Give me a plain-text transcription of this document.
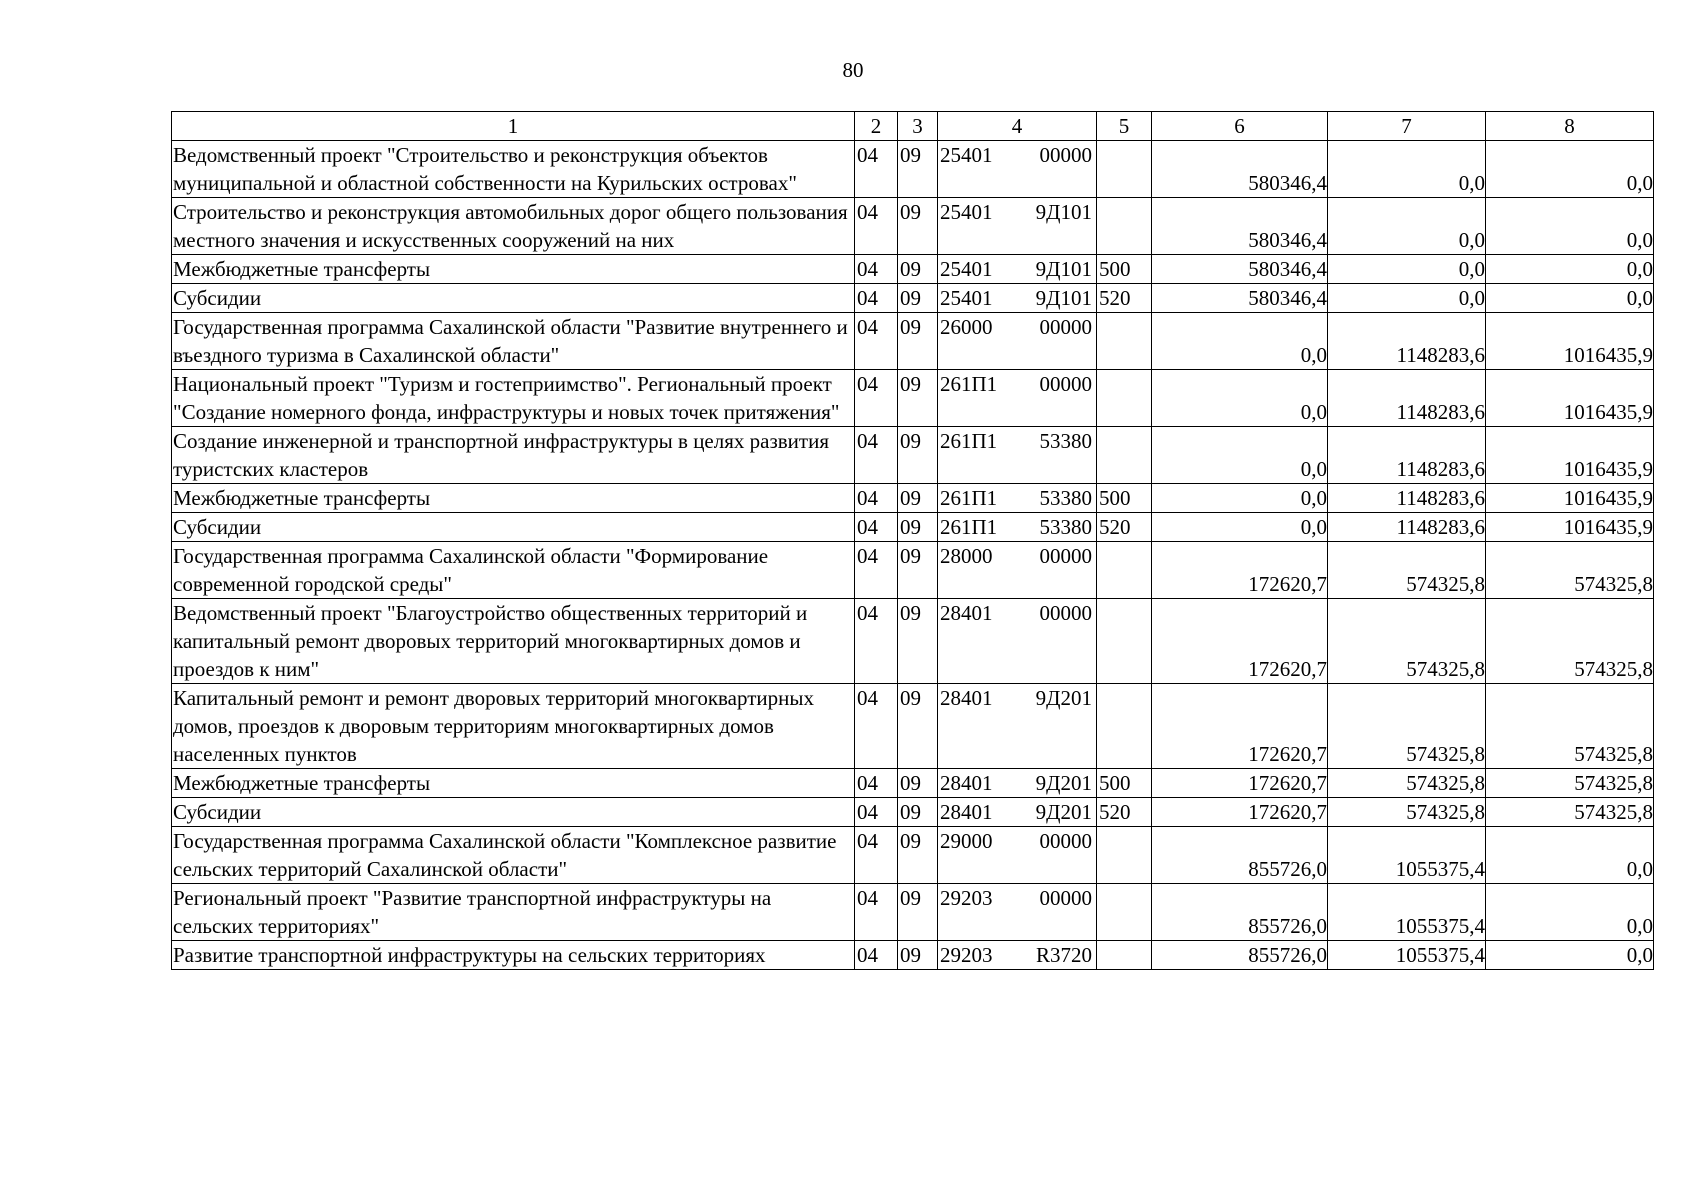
80
1	2	3	4	5	6	7	8
Ведомственный проект "Строительство и реконструкция объектов муниципальной и областной собственности на Курильских островах"	04	09	25401 00000		580346,4	0,0	0,0
Строительство и реконструкция автомобильных дорог общего пользования местного значения и искусственных сооружений на них	04	09	25401 9Д101		580346,4	0,0	0,0
Межбюджетные трансферты	04	09	25401 9Д101	500	580346,4	0,0	0,0
Субсидии	04	09	25401 9Д101	520	580346,4	0,0	0,0
Государственная программа Сахалинской области "Развитие внутреннего и въездного туризма в Сахалинской области"	04	09	26000 00000		0,0	1148283,6	1016435,9
Национальный проект "Туризм и гостеприимство". Региональный проект "Создание номерного фонда, инфраструктуры и новых точек притяжения"	04	09	261П1 00000		0,0	1148283,6	1016435,9
Создание инженерной и транспортной инфраструктуры в целях развития туристских кластеров	04	09	261П1 53380		0,0	1148283,6	1016435,9
Межбюджетные трансферты	04	09	261П1 53380	500	0,0	1148283,6	1016435,9
Субсидии	04	09	261П1 53380	520	0,0	1148283,6	1016435,9
Государственная программа Сахалинской области "Формирование современной городской среды"	04	09	28000 00000		172620,7	574325,8	574325,8
Ведомственный проект "Благоустройство общественных территорий и капитальный ремонт дворовых территорий многоквартирных домов и проездов к ним"	04	09	28401 00000		172620,7	574325,8	574325,8
Капитальный ремонт и ремонт дворовых территорий многоквартирных домов, проездов к дворовым территориям многоквартирных домов населенных пунктов	04	09	28401 9Д201		172620,7	574325,8	574325,8
Межбюджетные трансферты	04	09	28401 9Д201	500	172620,7	574325,8	574325,8
Субсидии	04	09	28401 9Д201	520	172620,7	574325,8	574325,8
Государственная программа Сахалинской области "Комплексное развитие сельских территорий Сахалинской области"	04	09	29000 00000		855726,0	1055375,4	0,0
Региональный проект "Развитие транспортной инфраструктуры на сельских территориях"	04	09	29203 00000		855726,0	1055375,4	0,0
Развитие транспортной инфраструктуры на сельских территориях	04	09	29203 R3720		855726,0	1055375,4	0,0
